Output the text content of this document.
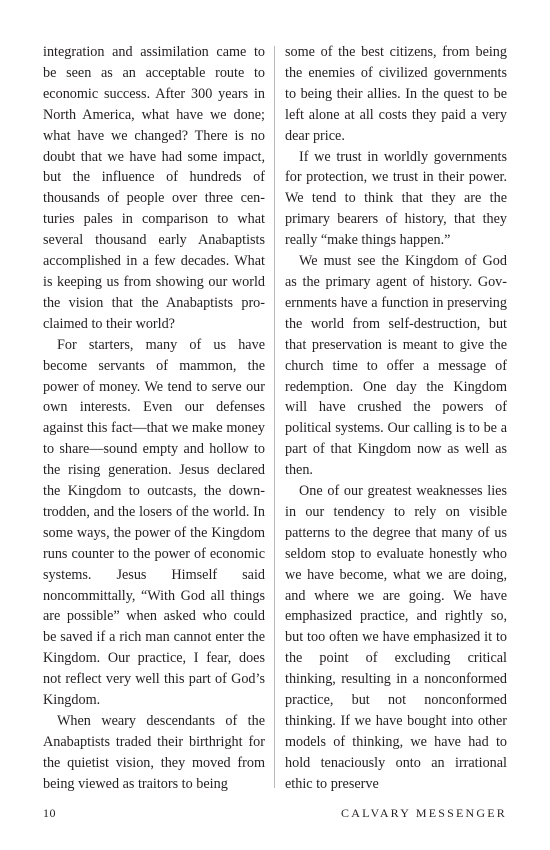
integration and assimilation came to be seen as an acceptable route to economic success. After 300 years in North America, what have we done; what have we changed? There is no doubt that we have had some impact, but the influence of hundreds of thousands of people over three centuries pales in comparison to what several thousand early Anabaptists accomplished in a few decades. What is keeping us from showing our world the vision that the Anabaptists proclaimed to their world?

For starters, many of us have become servants of mammon, the power of money. We tend to serve our own interests. Even our defenses against this fact—that we make money to share—sound empty and hollow to the rising generation. Jesus declared the Kingdom to outcasts, the down-trodden, and the losers of the world. In some ways, the power of the Kingdom runs counter to the power of economic systems. Jesus Himself said noncommittally, “With God all things are possible” when asked who could be saved if a rich man cannot enter the Kingdom. Our practice, I fear, does not reflect very well this part of God’s Kingdom.

When weary descendants of the Anabaptists traded their birthright for the quietist vision, they moved from being viewed as traitors to being

some of the best citizens, from being the enemies of civilized governments to being their allies. In the quest to be left alone at all costs they paid a very dear price.

If we trust in worldly governments for protection, we trust in their power. We tend to think that they are the primary bearers of history, that they really “make things happen.”

We must see the Kingdom of God as the primary agent of history. Governments have a function in preserving the world from self-destruction, but that preservation is meant to give the church time to offer a message of redemption. One day the Kingdom will have crushed the powers of political systems. Our calling is to be a part of that Kingdom now as well as then.

One of our greatest weaknesses lies in our tendency to rely on visible patterns to the degree that many of us seldom stop to evaluate honestly who we have become, what we are doing, and where we are going. We have emphasized practice, and rightly so, but too often we have emphasized it to the point of excluding critical thinking, resulting in a nonconformed practice, but not nonconformed thinking. If we have bought into other models of thinking, we have had to hold tenaciously onto an irrational ethic to preserve

10	CALVARY MESSENGER
